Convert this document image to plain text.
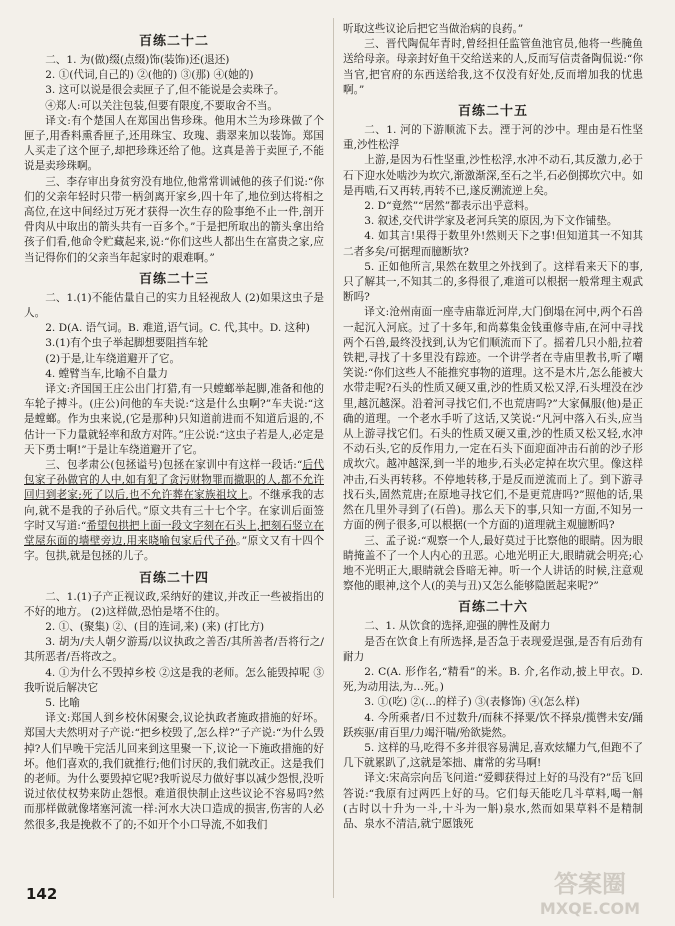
百练二十二

二、1. 为(做)缀(点缀)饰(装饰)还(退还)

2. ①(代词,自己的) ②(他的) ③(那) ④(她的)

3. 这可以说是很会卖匣子了,但不能说是会卖珠子。

④郑人:可以关注包装,但要有限度,不要取舍不当。

译文:有个楚国人在郑国出售珍珠。他用木兰为珍珠做了个匣子,用香料熏香匣子,还用珠宝、玫瑰、翡翠来加以装饰。郑国人买走了这个匣子,却把珍珠还给了他。这真是善于卖匣子,不能说是卖珍珠啊。

三、李存审出身贫穷没有地位,他常常训诫他的孩子们说:“你们的父亲年轻时只带一柄剑离开家乡,四十年了,地位到达将相之高位,在这中间经过万死才获得一次生存的险事绝不止一件,剖开骨肉从中取出的箭头共有一百多个。”于是把所取出的箭头拿出给孩子们看,他命令贮藏起来,说:“你们这些人都出生在富贵之家,应当记得你们的父亲当年起家时的艰难啊。”

百练二十三

二、1.(1)不能估量自己的实力且轻视敌人 (2)如果这虫子是人。

2. D(A. 语气词。B. 难道,语气词。C. 代,其中。D. 这种)

3.(1)有个虫子举起脚想要阻挡车轮

(2)于是,让车绕道避开了它。

4. 螳臂当车,比喻不自量力

译文:齐国国王庄公出门打猎,有一只螳螂举起脚,准备和他的车轮子搏斗。(庄公)问他的车夫说:“这是什么虫啊?”车夫说:“这是螳螂。作为虫来说,(它是那种)只知道前进而不知道后退的,不估计一下力量就轻率和敌方对阵。”庄公说:“这虫子若是人,必定是天下勇士啊!”于是让车绕道避开了它。

三、包孝肃公(包拯谥号)包拯在家训中有这样一段话:“后代包家子孙做官的人中,如有犯了贪污财物罪而撤职的人,都不允许回归到老家;死了以后,也不允许葬在家族祖坟上。不继承我的志向,就不是我的子孙后代。”原文共有三十七个字。在家训后面签字时又写道:“希望包拱把上面一段文字刻在石头上,把刻石竖立在堂屋东面的墙壁旁边,用来晓喻包家后代子孙。”原文又有十四个字。包拱,就是包拯的儿子。

百练二十四

二、1.(1)子产正视议政,采纳好的建议,并改正一些被指出的不好的地方。 (2)这样做,恐怕是堵不住的。

2. ①、(聚集) ②、(目的连词,来) (来) (打比方)

3. 胡为/夫人朝夕游焉/以议执政之善否/其所善者/吾将行之/其所恶者/吾将改之。

4. ①为什么不毁掉乡校 ②这是我的老师。怎么能毁掉呢 ③我听说后解决它

5. 比喻

译文:郑国人到乡校休闲聚会,议论执政者施政措施的好坏。郑国大夫然明对子产说:“把乡校毁了,怎么样?”子产说:“为什么毁掉?人们早晚干完活儿回来到这里聚一下,议论一下施政措施的好坏。他们喜欢的,我们就推行;他们讨厌的,我们就改正。这是我们的老师。为什么要毁掉它呢?我听说尽力做好事以减少怨恨,没听说过依仗权势来防止怨恨。难道很快制止这些议论不容易吗?然而那样做就像堵塞河流一样:河水大决口造成的损害,伤害的人必然很多,我是挽救不了的;不如开个小口导流,不如我们

听取这些议论后把它当做治病的良药。”

三、晋代陶侃年青时,曾经担任监管鱼池官员,他将一些腌鱼送给母亲。母亲封好鱼干交给送来的人,反而写信责备陶侃说:“你当官,把官府的东西送给我,这不仅没有好处,反而增加我的忧患啊。”

百练二十五

二、1. 河的下游顺流下去。湮于河的沙中。理由是石性坚重,沙性松浮

上游,是因为石性坚重,沙性松浮,水冲不动石,其反激力,必于石下迎水处啮沙为坎穴,渐激渐深,至石之半,石必倒掷坎穴中。如是再啮,石又再转,再转不已,遂反溯流逆上矣。

2. D“竟然”“居然”都表示出乎意料。

3. 叙述,交代讲学家及老河兵笑的原因,为下文作铺垫。

4. 如其言!果得于数里外!然则天下之事!但知道其一不知其二者多矣/可据理而臆断欤?

5. 正如他所言,果然在数里之外找到了。这样看来天下的事,只了解其一,不知其二的,多得很了,难道可以根据一般常理主观武断吗?

译文:沧州南面一座寺庙靠近河岸,大门倒塌在河中,两个石兽一起沉入河底。过了十多年,和尚募集金钱重修寺庙,在河中寻找两个石兽,最终没找到,认为它们顺流而下了。摇着几只小船,拉着铁耙,寻找了十多里没有踪迹。一个讲学者在寺庙里教书,听了嘲笑说:“你们这些人不能推究事物的道理。这不是木片,怎么能被大水带走呢?石头的性质又硬又重,沙的性质又松又浮,石头埋没在沙里,越沉越深。沿着河寻找它们,不也荒唐吗?”大家佩服(他)是正确的道理。一个老水手听了这话,又笑说:“凡河中落入石头,应当从上游寻找它们。石头的性质又硬又重,沙的性质又松又轻,水冲不动石头,它的反作用力,一定在石头下面迎面冲击石前的沙子形成坎穴。越冲越深,到一半的地步,石头必定掉在坎穴里。像这样冲击,石头再转移。不停地转移,于是反而逆流而上了。到下游寻找石头,固然荒唐;在原地寻找它们,不是更荒唐吗?”照他的话,果然在几里外寻到了(石兽)。那么天下的事,只知一方面,不知另一方面的例子很多,可以根据(一个方面的)道理就主观臆断吗?

三、孟子说:“观察一个人,最好莫过于比察他的眼睛。因为眼睛掩盖不了一个人内心的丑恶。心地光明正大,眼睛就会明亮;心地不光明正大,眼睛就会昏暗无神。听一个人讲话的时候,注意观察他的眼神,这个人(的美与丑)又怎么能够隐匿起来呢?”

百练二十六

二、1. 从饮食的选择,迎强的脾性及耐力

是否在饮食上有所选择,是否急于表现爱逞强,是否有后劲有耐力

2. C(A. 形作名,“精看”的米。B. 介,名作动,披上甲衣。D. 死,为动用法,为…死。)

3. ①(吃) ②(…的样子) ③(表修饰) ④(怎么样)

4. 今所乘者/日不过数升/而秣不择粟/饮不择泉/揽辔未安/踊跃疾驱/甫百里/力竭汗喘/殆欲毙然。

5. 这样的马,吃得不多并很容易满足,喜欢炫耀力气,但跑不了几下就累趴了,这就是笨拙、庸常的劣马啊!

译文:宋高宗向岳飞问道:“爱卿获得过上好的马没有?”岳飞回答说:“我原有过两匹上好的马。它们每天能吃几斗草料,喝一斛(古时以十升为一斗,十斗为一斛)泉水,然而如果草料不是精制品、泉水不清洁,就宁愿饿死

142	答案圈
MXQE.COM
